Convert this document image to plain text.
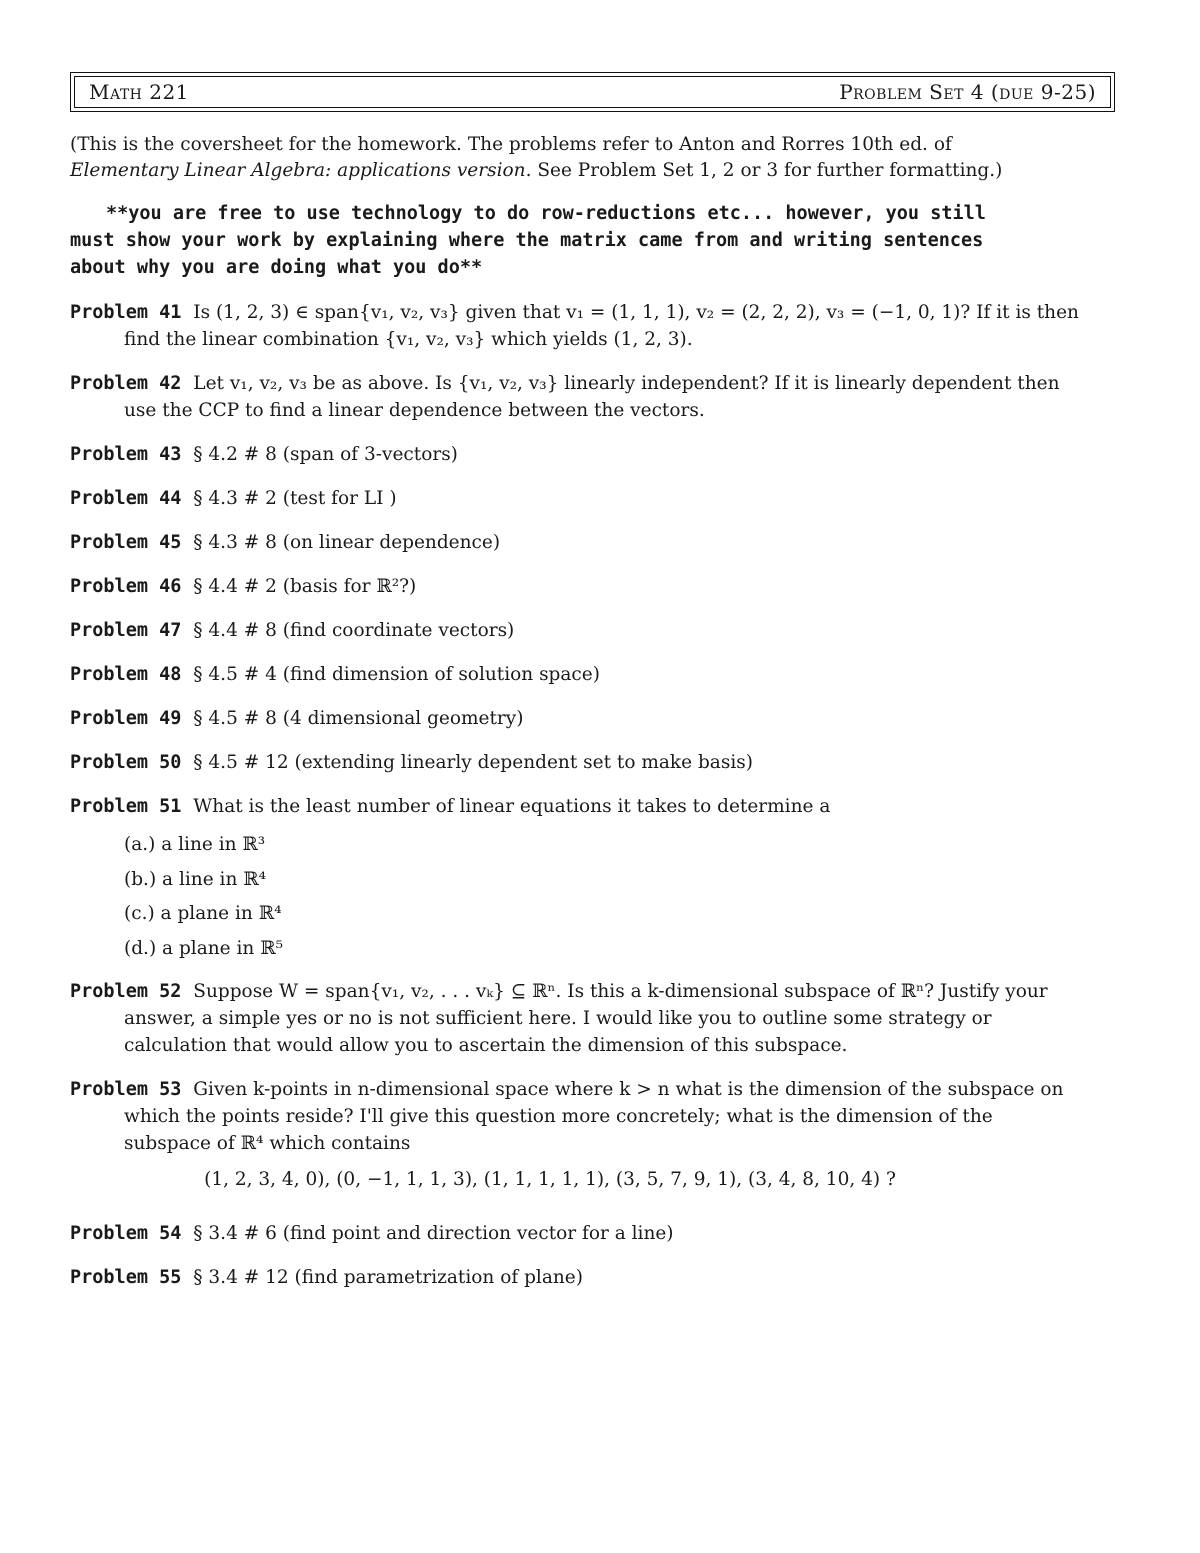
Math 221	Problem Set 4 (due 9-25)
(This is the coversheet for the homework. The problems refer to Anton and Rorres 10th ed. of Elementary Linear Algebra: applications version. See Problem Set 1, 2 or 3 for further formatting.)
**you are free to use technology to do row-reductions etc... however, you still must show your work by explaining where the matrix came from and writing sentences about why you are doing what you do**
Problem 41 Is (1, 2, 3) ∈ span{v₁, v₂, v₃} given that v₁ = (1, 1, 1), v₂ = (2, 2, 2), v₃ = (−1, 0, 1)? If it is then find the linear combination {v₁, v₂, v₃} which yields (1, 2, 3).
Problem 42 Let v₁, v₂, v₃ be as above. Is {v₁, v₂, v₃} linearly independent? If it is linearly dependent then use the CCP to find a linear dependence between the vectors.
Problem 43 § 4.2 # 8 (span of 3-vectors)
Problem 44 § 4.3 # 2 (test for LI )
Problem 45 § 4.3 # 8 (on linear dependence)
Problem 46 § 4.4 # 2 (basis for ℝ²?)
Problem 47 § 4.4 # 8 (find coordinate vectors)
Problem 48 § 4.5 # 4 (find dimension of solution space)
Problem 49 § 4.5 # 8 (4 dimensional geometry)
Problem 50 § 4.5 # 12 (extending linearly dependent set to make basis)
Problem 51 What is the least number of linear equations it takes to determine a
(a.) a line in ℝ³
(b.) a line in ℝ⁴
(c.) a plane in ℝ⁴
(d.) a plane in ℝ⁵
Problem 52 Suppose W = span{v₁, v₂, . . . vₖ} ⊆ ℝⁿ. Is this a k-dimensional subspace of ℝⁿ? Justify your answer, a simple yes or no is not sufficient here. I would like you to outline some strategy or calculation that would allow you to ascertain the dimension of this subspace.
Problem 53 Given k-points in n-dimensional space where k > n what is the dimension of the subspace on which the points reside? I'll give this question more concretely; what is the dimension of the subspace of ℝ⁴ which contains
(1, 2, 3, 4, 0), (0, −1, 1, 1, 3), (1, 1, 1, 1, 1), (3, 5, 7, 9, 1), (3, 4, 8, 10, 4) ?
Problem 54 § 3.4 # 6 (find point and direction vector for a line)
Problem 55 § 3.4 # 12 (find parametrization of plane)
